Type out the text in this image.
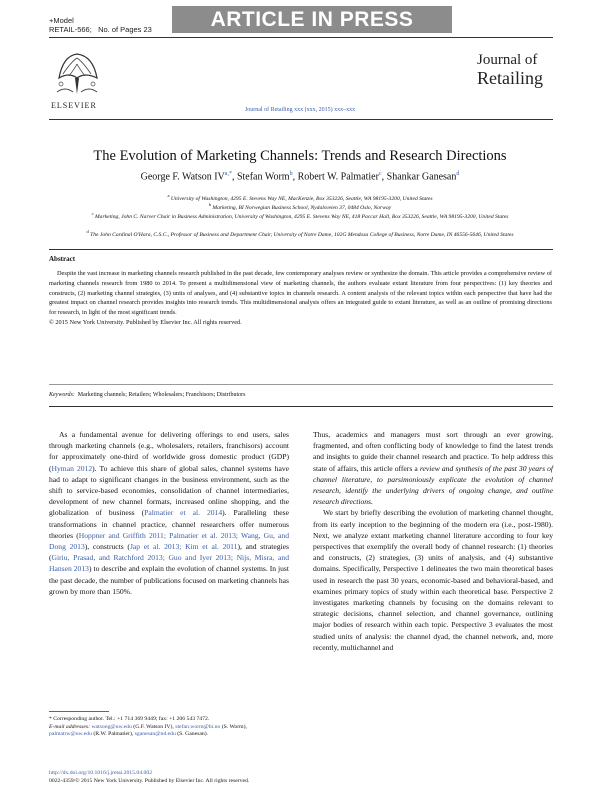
+Model
RETAIL-566; No. of Pages 23	ARTICLE IN PRESS
ELSEVIER
Journal of
Retailing
Journal of Retailing xxx (xxx, 2015) xxx–xxx
The Evolution of Marketing Channels: Trends and Research Directions
George F. Watson $IV^{a,*}$, Stefan Worm$^b$, Robert W. Palmatier$^c$, Shankar Ganesan$^d$
$^a$ University of Washington, 4295 E. Stevens Way NE, MacKenzie, Box 353226, Seattle, WA 98195-3200, United States
$^b$ Marketing, BI Norwegian Business School, Nydalsveien 37, 0484 Oslo, Norway
$^c$ Marketing, John C. Narver Chair in Business Administration, University of Washington, 4295 E. Stevens Way NE, 418 Paccar Hall, Box 353226, Seattle, WA 98195-3200, United States
$^d$ The John Cardinal O'Hara, C.S.C., Professor of Business and Department Chair, University of Notre Dame, 102G Mendoza College of Business, Notre Dame, IN 46556-5646, United States
Abstract
Despite the vast increase in marketing channels research published in the past decade, few contemporary analyses review or synthesize the domain. This article provides a comprehensive review of marketing channels research from 1980 to 2014. To present a multidimensional view of marketing channels, the authors evaluate extant literature from four perspectives: (1) key theories and constructs, (2) marketing channel strategies, (3) units of analyses, and (4) substantive topics in channels research. A content analysis of the relevant topics within each perspective that have had the greatest impact on channel research provides insights into research trends. This multidimensional analysis offers an integrated guide to extant literature, as well as an outline of promising directions for research, in light of the most significant trends.
© 2015 New York University. Published by Elsevier Inc. All rights reserved.
Keywords: Marketing channels; Retailers; Wholesalers; Franchisors; Distributors

As a fundamental avenue for delivering offerings to end users, sales through marketing channels (e.g., wholesalers, retailers, franchisors) account for approximately one-third of worldwide gross domestic product (GDP) (Hyman 2012). To achieve this share of global sales, channel systems have had to adapt to significant changes in the business environment, such as the shift to service-based economies, consolidation of channel intermediaries, development of new channel formats, increased online shopping, and the globalization of business (Palmatier et al. 2014). Paralleling these transformations in channel practice, channel researchers offer numerous theories (Hoppner and Griffith 2011; Palmatier et al. 2013; Wang, Gu, and Dong 2013), constructs (Jap et al. 2013; Kim et al. 2011), and strategies (Giriu, Prasad, and Ratchford 2013; Guo and Iyer 2013; Nijs, Misra, and Hansen 2013) to describe and explain the evolution of channel systems. In just the past decade, the number of publications focused on marketing channels has grown by more than 150%.

Thus, academics and managers must sort through an ever growing, fragmented, and often conflicting body of knowledge to find the latest trends and insights to guide their channel research and practice. To help address this state of affairs, this article offers a review and synthesis of the past 30 years of channel literature, to parsimoniously explicate the evolution of channel research, identify the underlying drivers of ongoing change, and outline research directions.

We start by briefly describing the evolution of marketing channel thought, from its early inception to the beginning of the modern era (i.e., post-1980). Next, we analyze extant marketing channel literature according to four key perspectives that exemplify the overall body of channel research: (1) theories and constructs, (2) strategies, (3) units of analysis, and (4) substantive domains. Specifically, Perspective 1 delineates the two main theoretical bases used in research the past 30 years, economic-based and behavioral-based, and examines primary topics of study within each theoretical base. Perspective 2 investigates marketing channels by focusing on the domains relevant to strategic decisions, channel selection, and channel governance, outlining major bodies of research within each topic. Perspective 3 evaluates the most studied units of analysis: the channel dyad, the channel network, and, more recently, multichannel and

* Corresponding author. Tel.: +1 714 369 9449; fax: +1 206 543 7472.
E-mail addresses: watsong@uw.edu (G.F. Watson IV), stefan.worm@bi.no (S. Worm), palmatrw@uw.edu (R.W. Palmatier), sganesan@nd.edu (S. Ganesan).
http://dx.doi.org/10.1016/j.jretai.2015.04.002
0022-4359/© 2015 New York University. Published by Elsevier Inc. All rights reserved.
